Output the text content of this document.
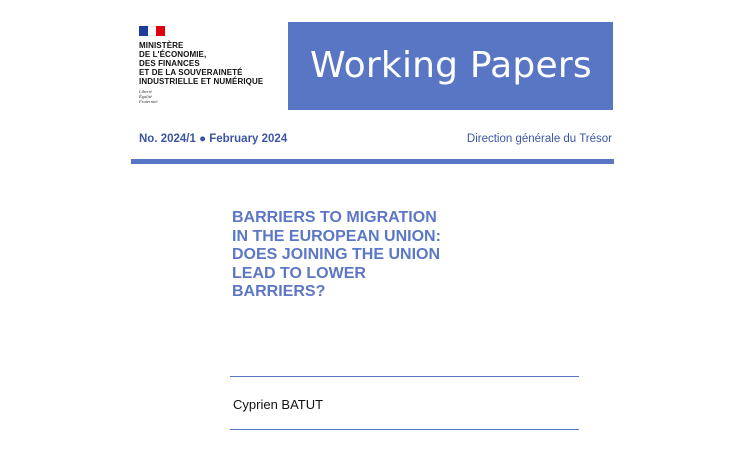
MINISTÈRE
DE L'ÉCONOMIE,
DES FINANCES
ET DE LA SOUVERAINETÉ
INDUSTRIELLE ET NUMÉRIQUE
Liberté
Égalité
Fraternité
Working Papers
No. 2024/1 ● February 2024	Direction générale du Trésor
BARRIERS TO MIGRATION
IN THE EUROPEAN UNION:
DOES JOINING THE UNION
LEAD TO LOWER
BARRIERS?
Cyprien BATUT
